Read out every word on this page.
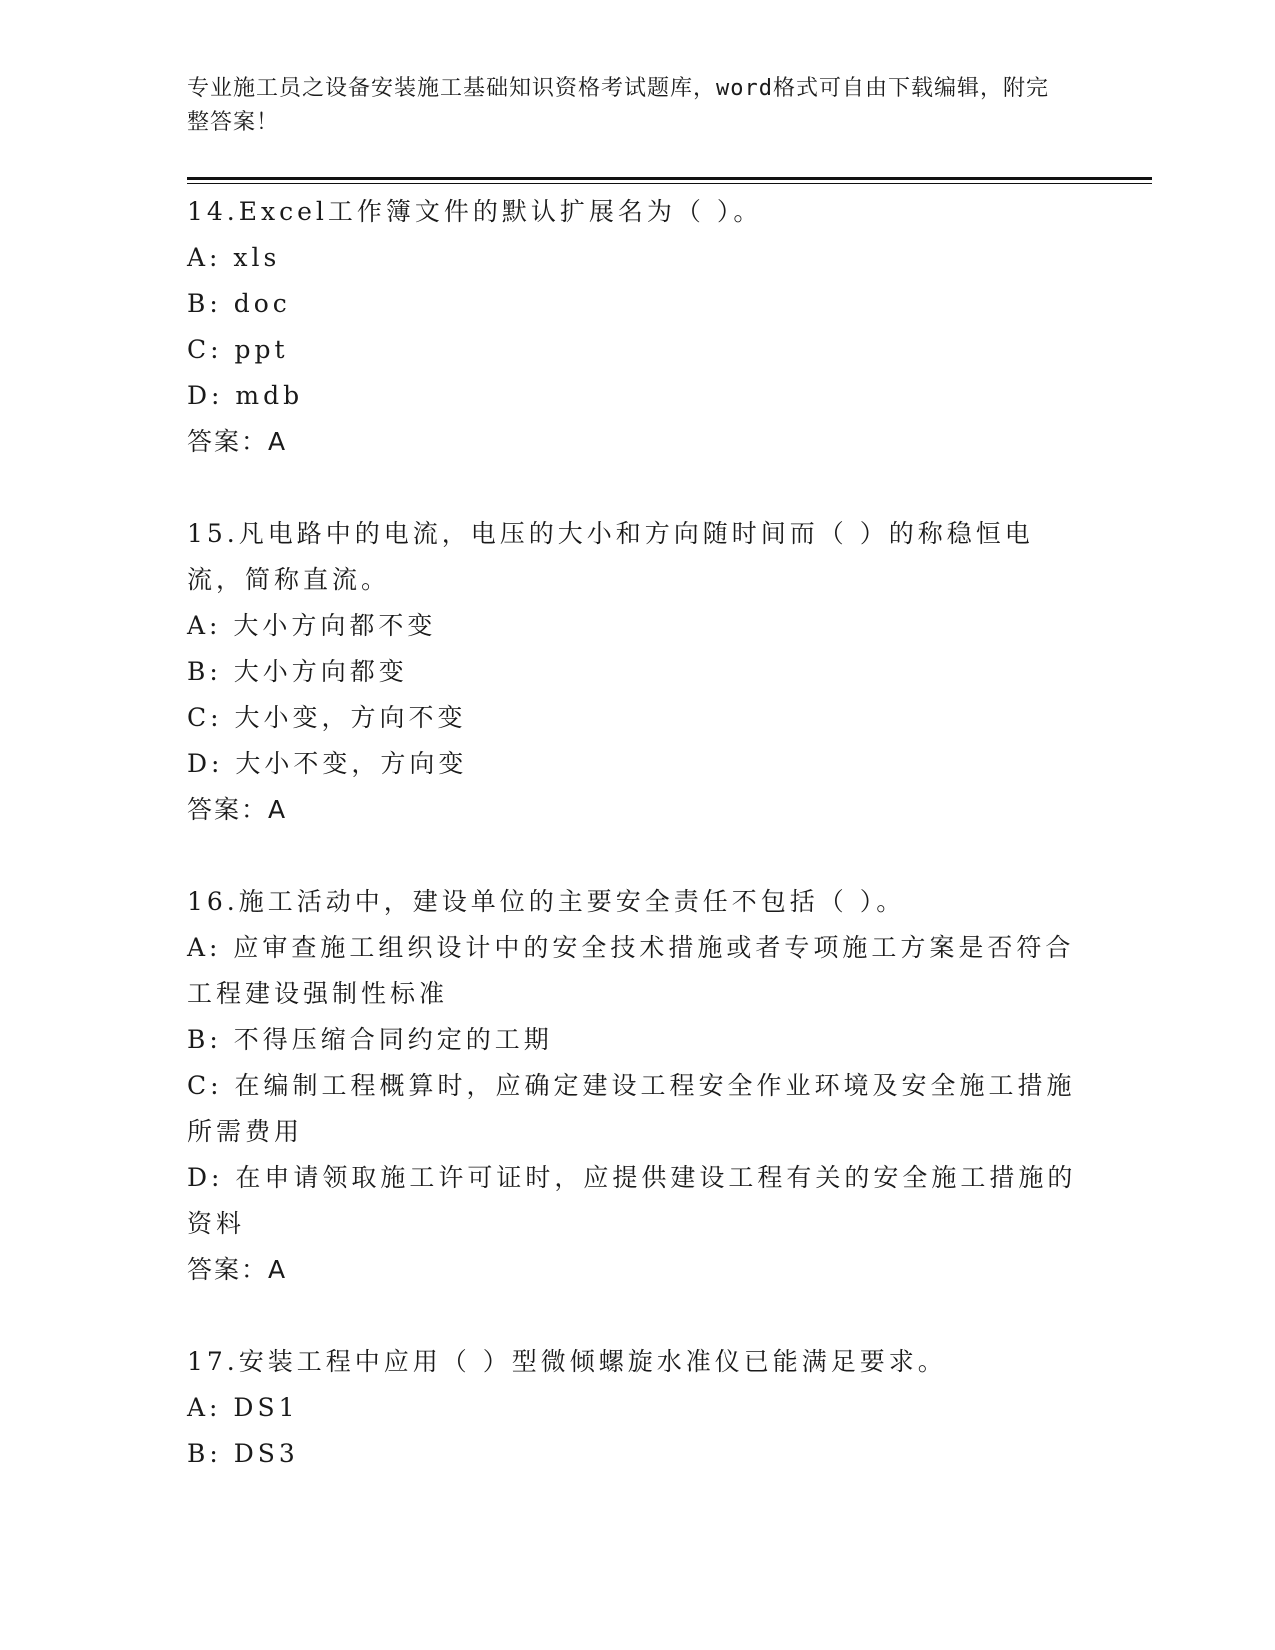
专业施工员之设备安装施工基础知识资格考试题库，word格式可自由下载编辑，附完整答案！
14.Excel工作簿文件的默认扩展名为（ ）。
A: xls
B: doc
C: ppt
D: mdb
答案：A
15.凡电路中的电流，电压的大小和方向随时间而（ ）的称稳恒电流，简称直流。
A: 大小方向都不变
B: 大小方向都变
C: 大小变，方向不变
D: 大小不变，方向变
答案：A
16.施工活动中，建设单位的主要安全责任不包括（ ）。
A: 应审查施工组织设计中的安全技术措施或者专项施工方案是否符合工程建设强制性标准
B: 不得压缩合同约定的工期
C: 在编制工程概算时，应确定建设工程安全作业环境及安全施工措施所需费用
D: 在申请领取施工许可证时，应提供建设工程有关的安全施工措施的资料
答案：A
17.安装工程中应用（ ）型微倾螺旋水准仪已能满足要求。
A: DS1
B: DS3
